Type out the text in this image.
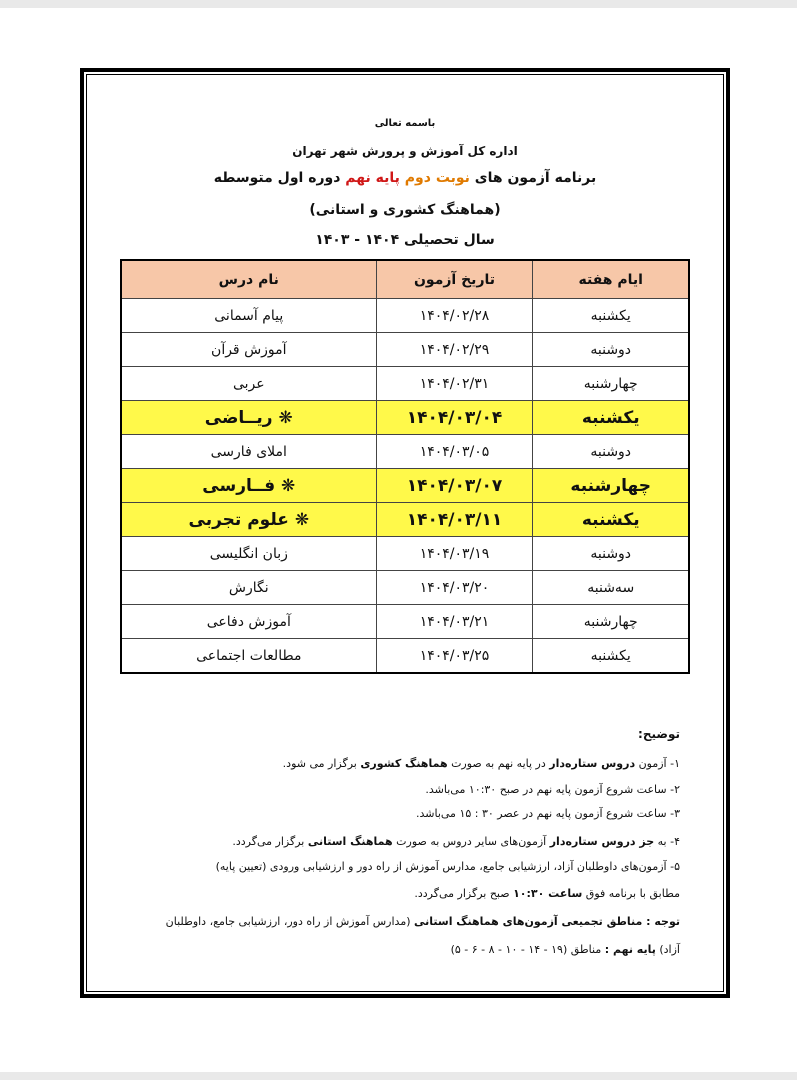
باسمه تعالی
اداره کل آموزش و پرورش شهر تهران
برنامه آزمون های نوبت دوم پایه نهم دوره اول متوسطه
(هماهنگ کشوری و استانی)
سال تحصیلی ۱۴۰۴ - ۱۴۰۳
ایام هفته	تاریخ آزمون	نام درس
یکشنبه	۱۴۰۴/۰۲/۲۸	پیام آسمانی
دوشنبه	۱۴۰۴/۰۲/۲۹	آموزش قرآن
چهارشنبه	۱۴۰۴/۰۲/۳۱	عربی
یکشنبه	۱۴۰۴/۰۳/۰۴	❋ ریــاضی
دوشنبه	۱۴۰۴/۰۳/۰۵	املای فارسی
چهارشنبه	۱۴۰۴/۰۳/۰۷	❋ فــارسی
یکشنبه	۱۴۰۴/۰۳/۱۱	❋ علوم تجربی
دوشنبه	۱۴۰۴/۰۳/۱۹	زبان انگلیسی
سه‌شنبه	۱۴۰۴/۰۳/۲۰	نگارش
چهارشنبه	۱۴۰۴/۰۳/۲۱	آموزش دفاعی
یکشنبه	۱۴۰۴/۰۳/۲۵	مطالعات اجتماعی
توضیح:
۱- آزمون دروس ستاره‌دار در پایه نهم به صورت هماهنگ کشوری برگزار می شود.
۲- ساعت شروع آزمون پایه نهم در صبح ۱۰:۳۰ می‌باشد.
۳- ساعت شروع آزمون پایه نهم در عصر ۳۰ : ۱۵ می‌باشد.
۴- به جز دروس ستاره‌دار آزمون‌های سایر دروس به صورت هماهنگ استانی برگزار می‌گردد.
۵- آزمون‌های داوطلبان آزاد، ارزشیابی جامع، مدارس آموزش از راه دور و ارزشیابی ورودی (تعیین پایه)
مطابق با برنامه فوق ساعت ۱۰:۳۰ صبح برگزار می‌گردد.
توجه : مناطق تجمیعی آزمون‌های هماهنگ استانی (مدارس آموزش از راه دور، ارزشیابی جامع، داوطلبان
آزاد) پایه نهم : مناطق (۱۹ - ۱۴ - ۱۰ - ۸ - ۶ - ۵)
